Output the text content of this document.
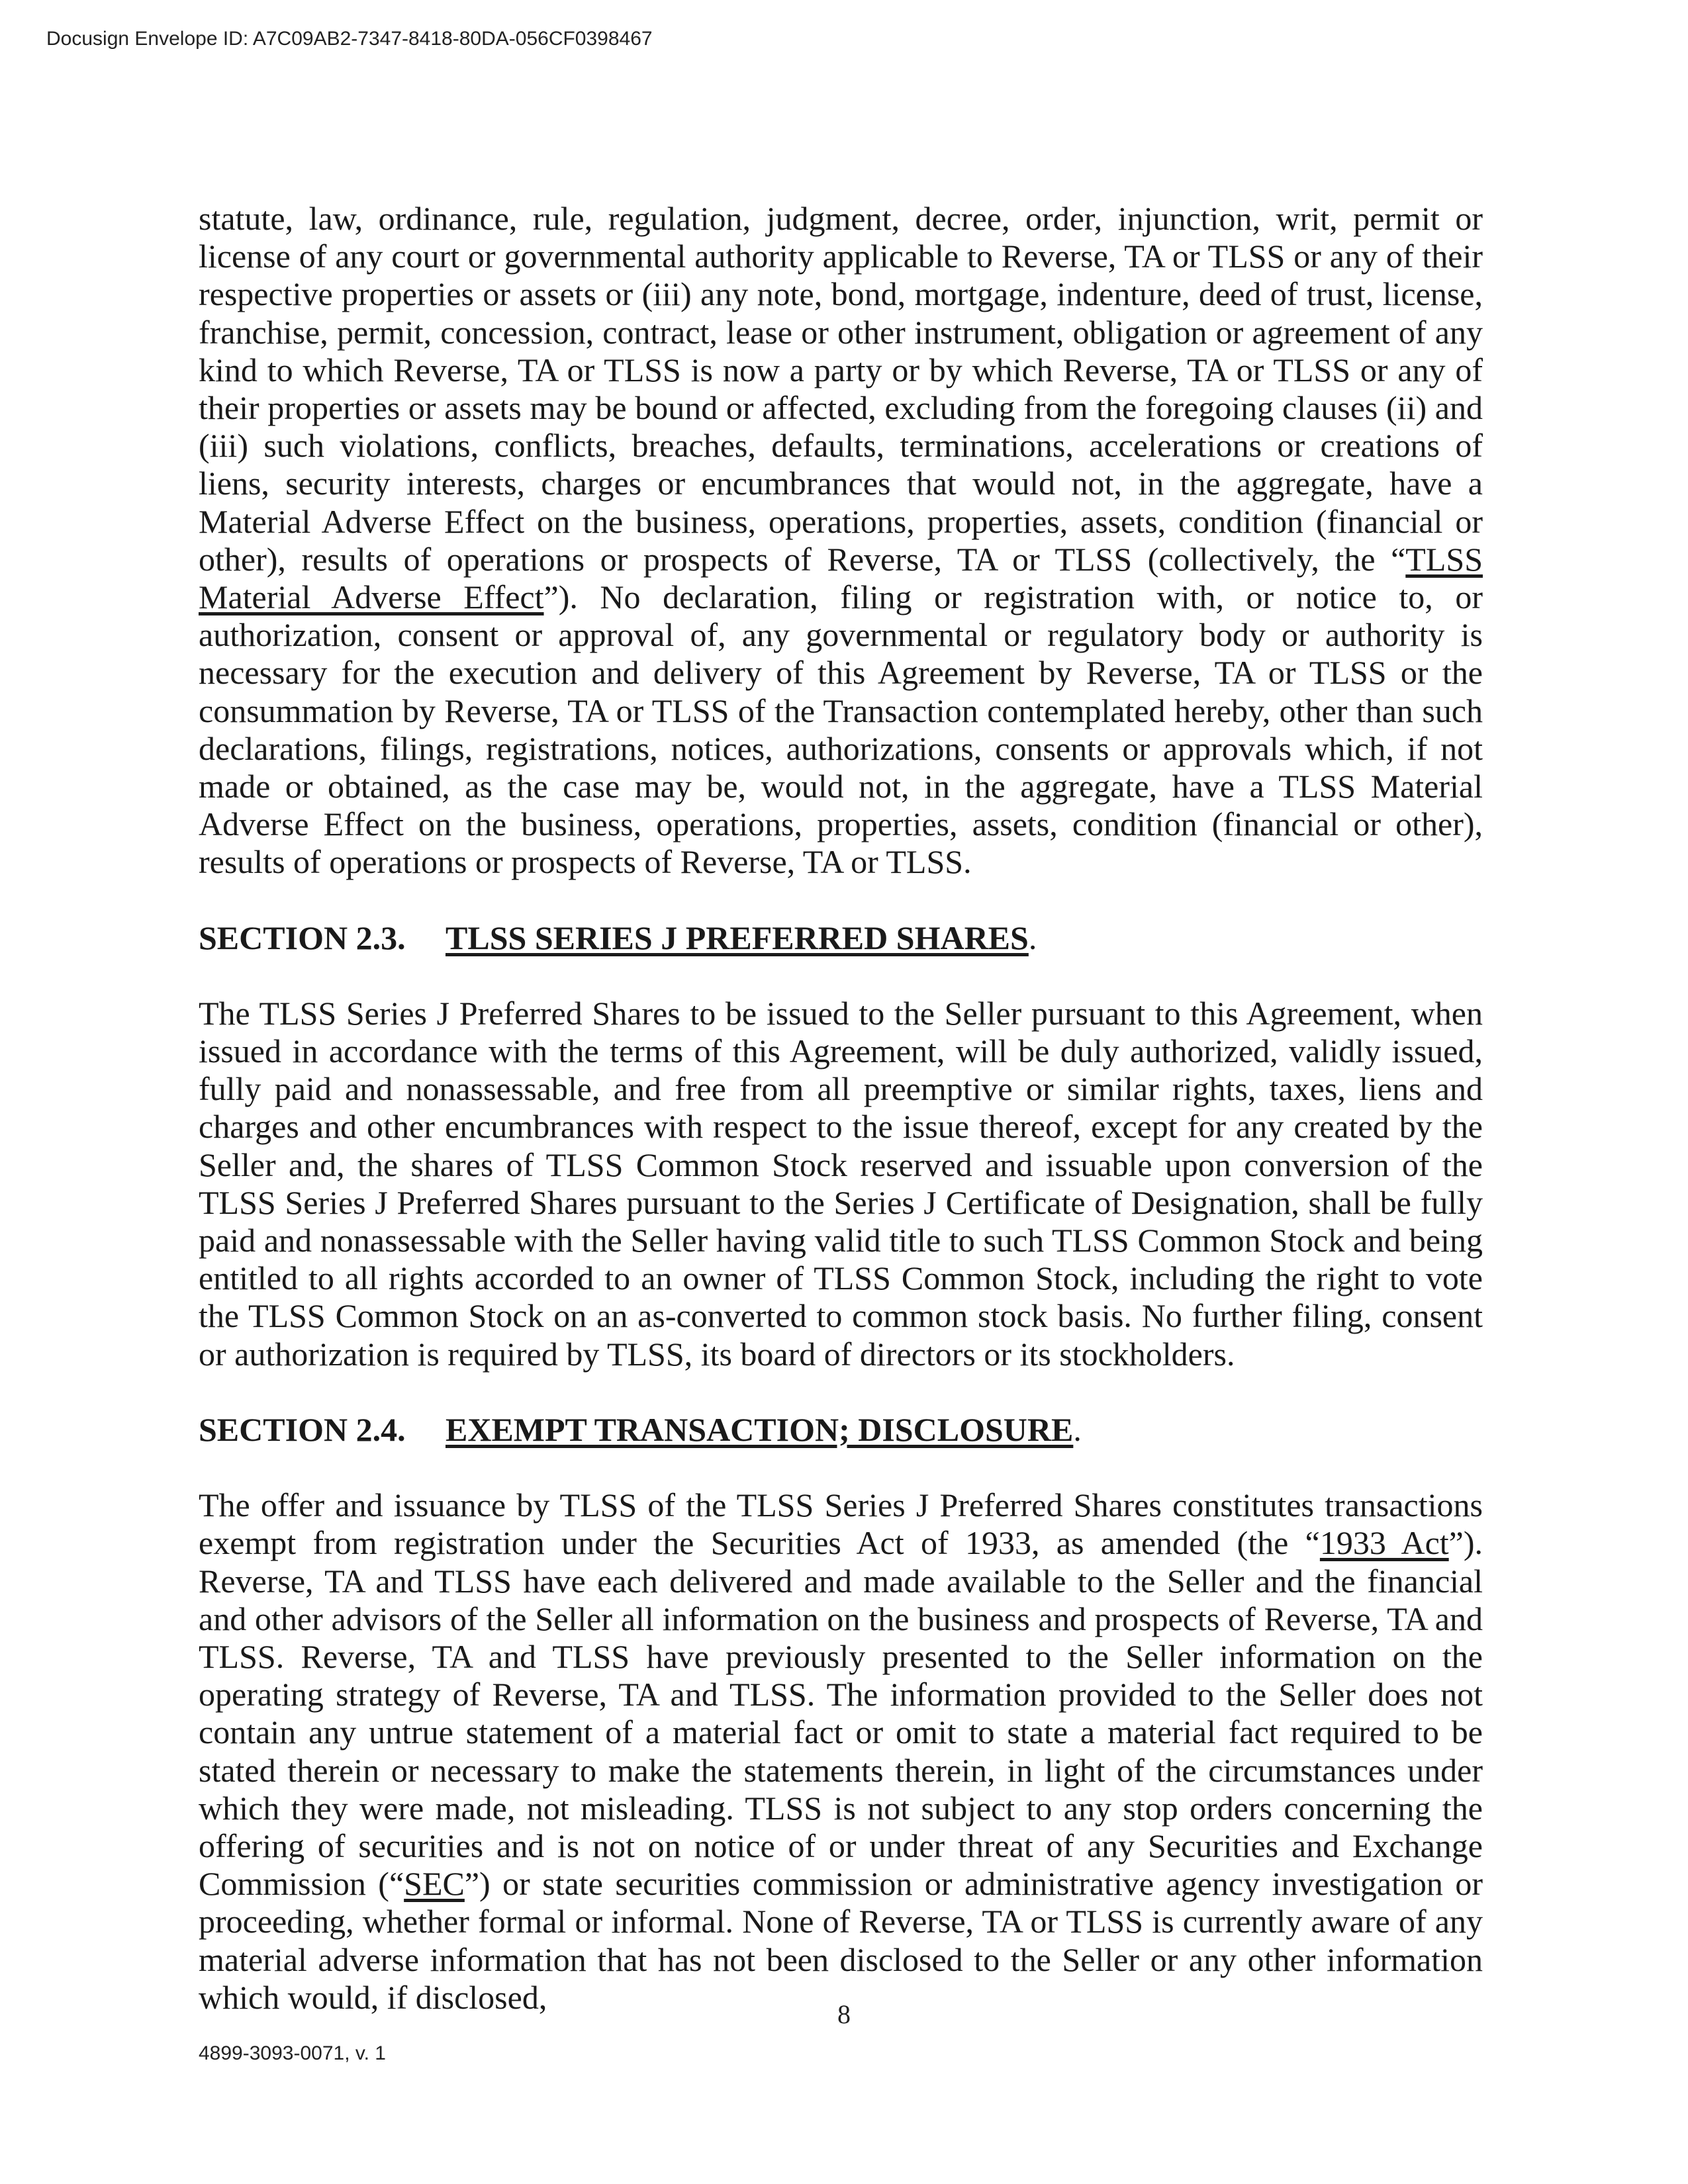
Docusign Envelope ID: A7C09AB2-7347-8418-80DA-056CF0398467

statute, law, ordinance, rule, regulation, judgment, decree, order, injunction, writ, permit or license of any court or governmental authority applicable to Reverse, TA or TLSS or any of their respective properties or assets or (iii) any note, bond, mortgage, indenture, deed of trust, license, franchise, permit, concession, contract, lease or other instrument, obligation or agreement of any kind to which Reverse, TA or TLSS is now a party or by which Reverse, TA or TLSS or any of their properties or assets may be bound or affected, excluding from the foregoing clauses (ii) and (iii) such violations, conflicts, breaches, defaults, terminations, accelerations or creations of liens, security interests, charges or encumbrances that would not, in the aggregate, have a Material Adverse Effect on the business, operations, properties, assets, condition (financial or other), results of operations or prospects of Reverse, TA or TLSS (collectively, the “TLSS Material Adverse Effect”). No declaration, filing or registration with, or notice to, or authorization, consent or approval of, any governmental or regulatory body or authority is necessary for the execution and delivery of this Agreement by Reverse, TA or TLSS or the consummation by Reverse, TA or TLSS of the Transaction contemplated hereby, other than such declarations, filings, registrations, notices, authorizations, consents or approvals which, if not made or obtained, as the case may be, would not, in the aggregate, have a TLSS Material Adverse Effect on the business, operations, properties, assets, condition (financial or other), results of operations or prospects of Reverse, TA or TLSS.

SECTION 2.3. TLSS SERIES J PREFERRED SHARES.

The TLSS Series J Preferred Shares to be issued to the Seller pursuant to this Agreement, when issued in accordance with the terms of this Agreement, will be duly authorized, validly issued, fully paid and nonassessable, and free from all preemptive or similar rights, taxes, liens and charges and other encumbrances with respect to the issue thereof, except for any created by the Seller and, the shares of TLSS Common Stock reserved and issuable upon conversion of the TLSS Series J Preferred Shares pursuant to the Series J Certificate of Designation, shall be fully paid and nonassessable with the Seller having valid title to such TLSS Common Stock and being entitled to all rights accorded to an owner of TLSS Common Stock, including the right to vote the TLSS Common Stock on an as-converted to common stock basis. No further filing, consent or authorization is required by TLSS, its board of directors or its stockholders.

SECTION 2.4. EXEMPT TRANSACTION; DISCLOSURE.

The offer and issuance by TLSS of the TLSS Series J Preferred Shares constitutes transactions exempt from registration under the Securities Act of 1933, as amended (the “1933 Act”). Reverse, TA and TLSS have each delivered and made available to the Seller and the financial and other advisors of the Seller all information on the business and prospects of Reverse, TA and TLSS. Reverse, TA and TLSS have previously presented to the Seller information on the operating strategy of Reverse, TA and TLSS. The information provided to the Seller does not contain any untrue statement of a material fact or omit to state a material fact required to be stated therein or necessary to make the statements therein, in light of the circumstances under which they were made, not misleading. TLSS is not subject to any stop orders concerning the offering of securities and is not on notice of or under threat of any Securities and Exchange Commission (“SEC”) or state securities commission or administrative agency investigation or proceeding, whether formal or informal. None of Reverse, TA or TLSS is currently aware of any material adverse information that has not been disclosed to the Seller or any other information which would, if disclosed,	8
4899-3093-0071, v. 1
